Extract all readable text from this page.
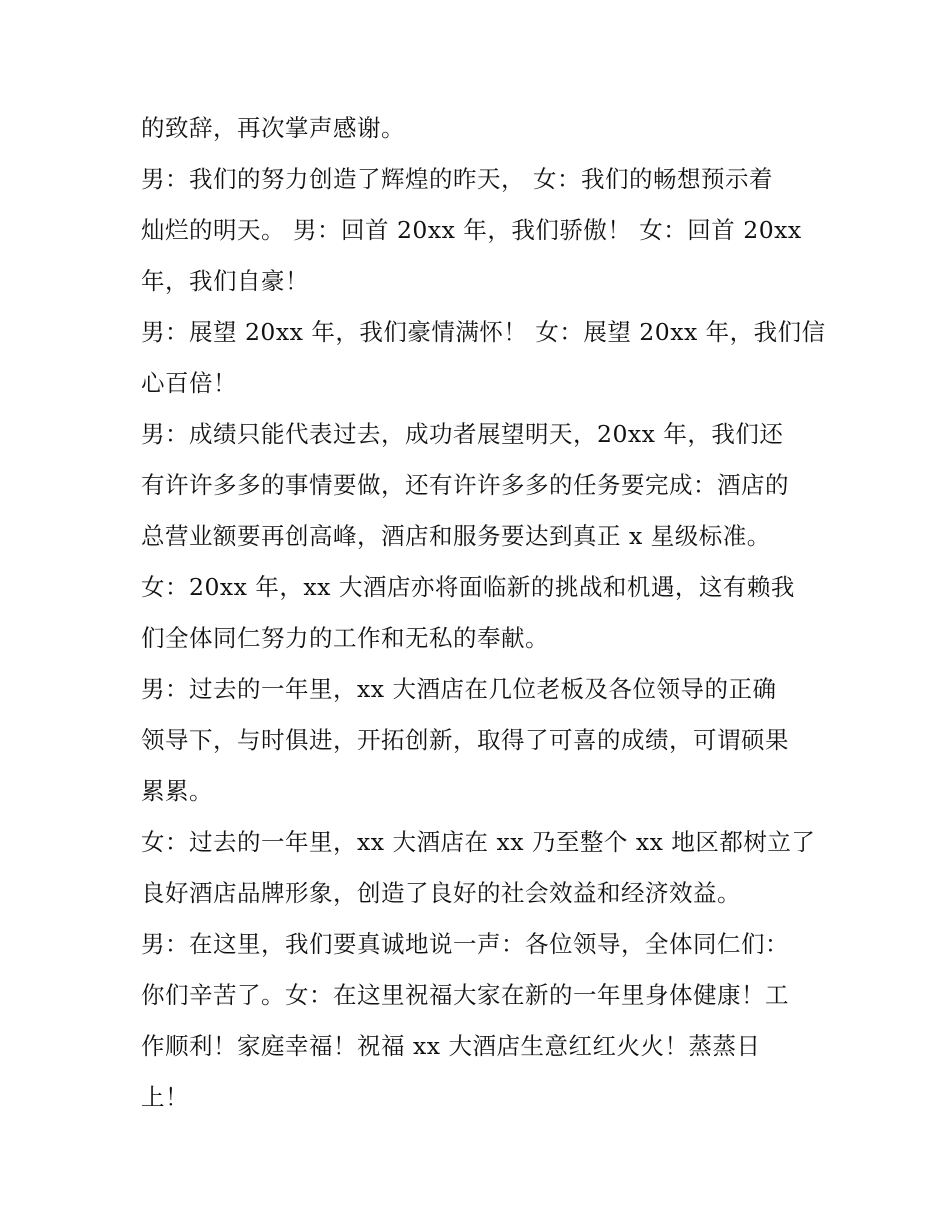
的致辞，再次掌声感谢。
男：我们的努力创造了辉煌的昨天， 女：我们的畅想预示着
灿烂的明天。 男：回首 20xx 年，我们骄傲！ 女：回首 20xx
年，我们自豪！
男：展望 20xx 年，我们豪情满怀！ 女：展望 20xx 年，我们信
心百倍！
男：成绩只能代表过去，成功者展望明天，20xx 年，我们还
有许许多多的事情要做，还有许许多多的任务要完成：酒店的
总营业额要再创高峰，酒店和服务要达到真正 x 星级标准。
女：20xx 年，xx 大酒店亦将面临新的挑战和机遇，这有赖我
们全体同仁努力的工作和无私的奉献。
男：过去的一年里，xx 大酒店在几位老板及各位领导的正确
领导下，与时俱进，开拓创新，取得了可喜的成绩，可谓硕果
累累。
女：过去的一年里，xx 大酒店在 xx 乃至整个 xx 地区都树立了
良好酒店品牌形象，创造了良好的社会效益和经济效益。
男：在这里，我们要真诚地说一声：各位领导，全体同仁们：
你们辛苦了。女：在这里祝福大家在新的一年里身体健康！工
作顺利！家庭幸福！祝福 xx 大酒店生意红红火火！蒸蒸日
上！
